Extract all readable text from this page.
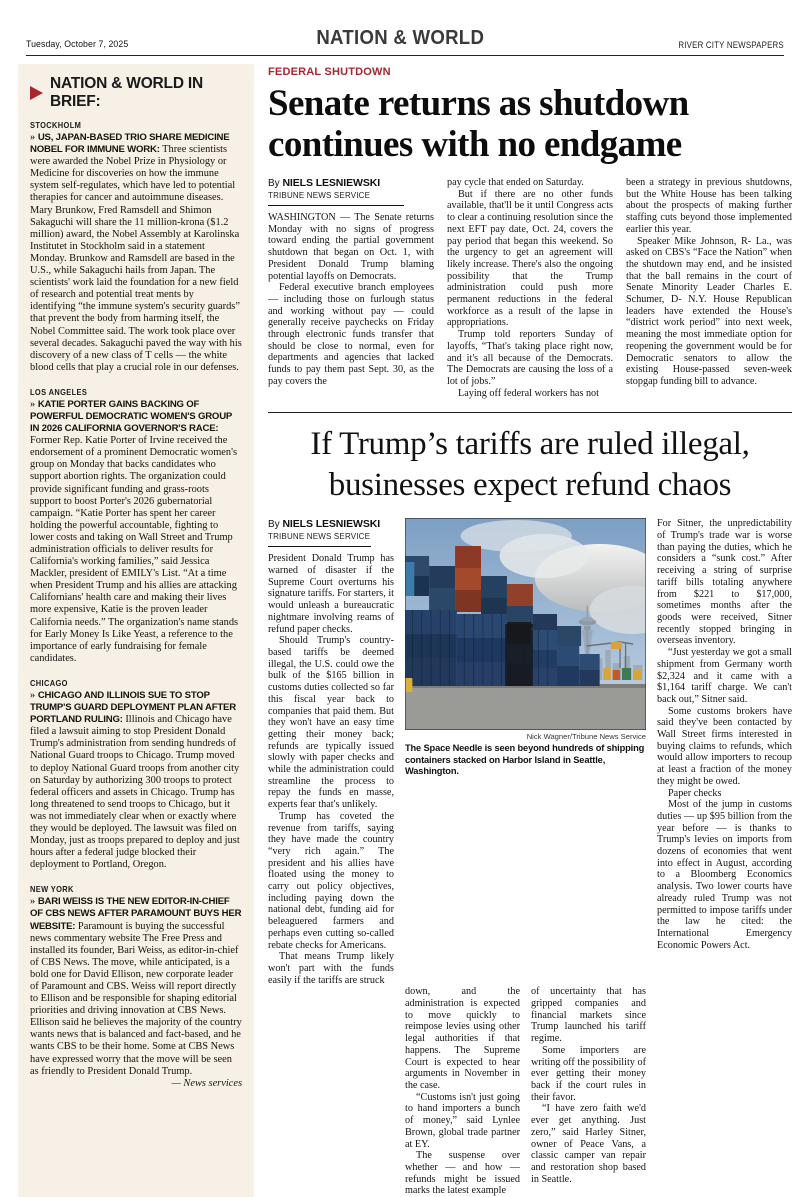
Tuesday, October 7, 2025	NATION & WORLD	RIVER CITY NEWSPAPERS
NATION & WORLD IN BRIEF:
STOCKHOLM
» US, JAPAN-BASED TRIO SHARE MEDICINE NOBEL FOR IMMUNE WORK: Three scientists were awarded the Nobel Prize in Physiology or Medicine for discoveries on how the immune system self-regulates, which have led to potential therapies for cancer and autoimmune diseases. Mary Brunkow, Fred Ramsdell and Shimon Sakaguchi will share the 11 million-krona ($1.2 million) award, the Nobel Assembly at Karolinska Institutet in Stockholm said in a statement Monday. Brunkow and Ramsdell are based in the U.S., while Sakaguchi hails from Japan. The scientists' work laid the foundation for a new field of research and potential treat ments by identifying “the immune system's security guards” that prevent the body from harming itself, the Nobel Committee said. The work took place over several decades. Sakaguchi paved the way with his discovery of a new class of T cells — the white blood cells that play a crucial role in our defenses.
LOS ANGELES
» KATIE PORTER GAINS BACKING OF POWERFUL DEMOCRATIC WOMEN'S GROUP IN 2026 CALIFORNIA GOVERNOR'S RACE: Former Rep. Katie Porter of Irvine received the endorsement of a prominent Democratic women's group on Monday that backs candidates who support abortion rights. The organization could provide significant funding and grass-roots support to boost Porter's 2026 gubernatorial campaign. “Katie Porter has spent her career holding the powerful accountable, fighting to lower costs and taking on Wall Street and Trump administration officials to deliver results for California's working families,” said Jessica Mackler, president of EMILY's List. “At a time when President Trump and his allies are attacking Californians' health care and making their lives more expensive, Katie is the proven leader California needs.” The organization's name stands for Early Money Is Like Yeast, a reference to the importance of early fundraising for female candidates.
CHICAGO
» CHICAGO AND ILLINOIS SUE TO STOP TRUMP'S GUARD DEPLOYMENT PLAN AFTER PORTLAND RULING: Illinois and Chicago have filed a lawsuit aiming to stop President Donald Trump's administration from sending hundreds of National Guard troops to Chicago. Trump moved to deploy National Guard troops from another city on Saturday by authorizing 300 troops to protect federal officers and assets in Chicago. Trump has long threatened to send troops to Chicago, but it was not immediately clear when or exactly where they would be deployed. The lawsuit was filed on Monday, just as troops prepared to deploy and just hours after a federal judge blocked their deployment to Portland, Oregon.
NEW YORK
» BARI WEISS IS THE NEW EDITOR-IN-CHIEF OF CBS NEWS AFTER PARAMOUNT BUYS HER WEBSITE: Paramount is buying the successful news commentary website The Free Press and installed its founder, Bari Weiss, as editor-in-chief of CBS News. The move, while anticipated, is a bold one for David Ellison, new corporate leader of Paramount and CBS. Weiss will report directly to Ellison and be responsible for shaping editorial priorities and driving innovation at CBS News. Ellison said he believes the majority of the country wants news that is balanced and fact-based, and he wants CBS to be their home. Some at CBS News have expressed worry that the move will be seen as friendly to President Donald Trump.
— News services
FEDERAL SHUTDOWN
Senate returns as shutdown continues with no endgame
By NIELS LESNIEWSKI
TRIBUNE NEWS SERVICE

WASHINGTON — The Senate returns Monday with no signs of progress toward ending the partial government shutdown that began on Oct. 1, with President Donald Trump blaming potential layoffs on Democrats.

Federal executive branch employees — including those on furlough status and working without pay — could generally receive paychecks on Friday through electronic funds transfer that should be close to normal, even for departments and agencies that lacked funds to pay them past Sept. 30, as the pay covers the

pay cycle that ended on Saturday.

But if there are no other funds available, that'll be it until Congress acts to clear a continuing resolution since the next EFT pay date, Oct. 24, covers the pay period that began this weekend. So the urgency to get an agreement will likely increase. There's also the ongoing possibility that the Trump administration could push more permanent reductions in the federal workforce as a result of the lapse in appropriations.

Trump told reporters Sunday of layoffs, “That's taking place right now, and it's all because of the Democrats. The Democrats are causing the loss of a lot of jobs.”

Laying off federal workers has not

been a strategy in previous shutdowns, but the White House has been talking about the prospects of making further staffing cuts beyond those implemented earlier this year.

Speaker Mike Johnson, R- La., was asked on CBS's “Face the Nation” when the shutdown may end, and he insisted that the ball remains in the court of Senate Minority Leader Charles E. Schumer, D- N.Y. House Republican leaders have extended the House's “district work period” into next week, meaning the most immediate option for reopening the government would be for Democratic senators to allow the existing House-passed seven-week stopgap funding bill to advance.

If Trump’s tariffs are ruled illegal, businesses expect refund chaos
By NIELS LESNIEWSKI
TRIBUNE NEWS SERVICE

President Donald Trump has warned of disaster if the Supreme Court overturns his signature tariffs. For starters, it would unleash a bureaucratic nightmare involving reams of refund paper checks.

Should Trump's country-based tariffs be deemed illegal, the U.S. could owe the bulk of the $165 billion in customs duties collected so far this fiscal year back to companies that paid them. But they won't have an easy time getting their money back; refunds are typically issued slowly with paper checks and while the administration could streamline the process to repay the funds en masse, experts fear that's unlikely.

Trump has coveted the revenue from tariffs, saying they have made the country “very rich again.” The president and his allies have floated using the money to carry out policy objectives, including paying down the national debt, funding aid for beleaguered farmers and perhaps even cutting so-called rebate checks for Americans.

That means Trump likely won't part with the funds easily if the tariffs are struck

Nick Wagner/Tribune News Service
The Space Needle is seen beyond hundreds of shipping containers stacked on Harbor Island in Seattle, Washington.

For Sitner, the unpredictability of Trump's trade war is worse than paying the duties, which he considers a “sunk cost.” After receiving a string of surprise tariff bills totaling anywhere from $221 to $17,000, sometimes months after the goods were received, Sitner recently stopped bringing in overseas inventory.

“Just yesterday we got a small shipment from Germany worth $2,324 and it came with a $1,164 tariff charge. We can't back out,” Sitner said.

Some customs brokers have said they've been contacted by Wall Street firms interested in buying claims to refunds, which would allow importers to recoup at least a fraction of the money they might be owed.

Paper checks

Most of the jump in customs duties — up $95 billion from the year before — is thanks to Trump's levies on imports from dozens of economies that went into effect in August, according to a Bloomberg Economics analysis. Two lower courts have already ruled Trump was not permitted to impose tariffs under the law he cited: the International Emergency Economic Powers Act.

down, and the administration is expected to move quickly to reimpose levies using other legal authorities if that happens. The Supreme Court is expected to hear arguments in November in the case.

“Customs isn't just going to hand importers a bunch of money,” said Lynlee Brown, global trade partner at EY.

The suspense over whether — and how — refunds might be issued marks the latest example

of uncertainty that has gripped companies and financial markets since Trump launched his tariff regime.

Some importers are writing off the possibility of ever getting their money back if the court rules in their favor.

“I have zero faith we'd ever get anything. Just zero,” said Harley Sitner, owner of Peace Vans, a classic camper van repair and restoration shop based in Seattle.
